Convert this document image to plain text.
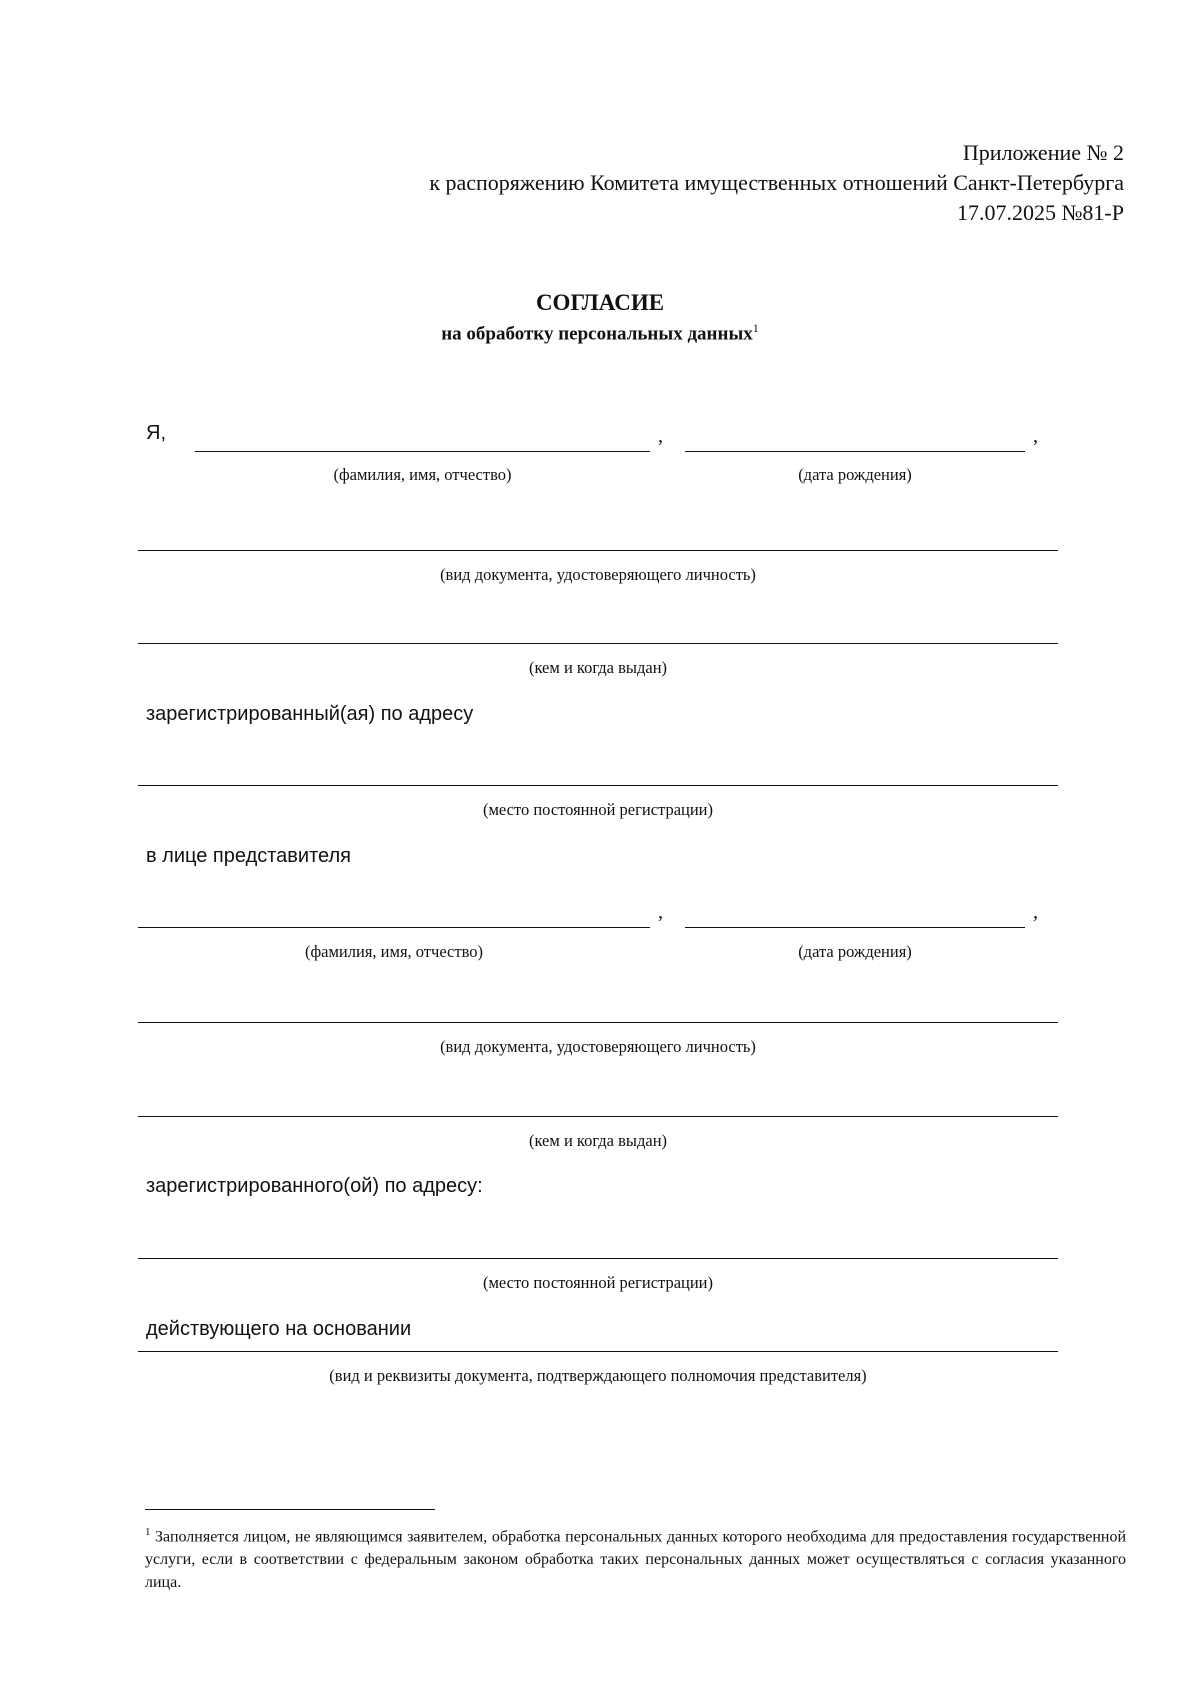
Приложение № 2
к распоряжению Комитета имущественных отношений Санкт-Петербурга
17.07.2025 №81-Р
СОГЛАСИЕ
на обработку персональных данных$^1$
Я,	,	,
(фамилия, имя, отчество)	(дата рождения)
(вид документа, удостоверяющего личность)
(кем и когда выдан)
зарегистрированный(ая) по адресу
(место постоянной регистрации)
в лице представителя
,	,
(фамилия, имя, отчество)	(дата рождения)
(вид документа, удостоверяющего личность)
(кем и когда выдан)
зарегистрированного(ой) по адресу:
(место постоянной регистрации)
действующего на основании
(вид и реквизиты документа, подтверждающего полномочия представителя)
$^1$ Заполняется лицом, не являющимся заявителем, обработка персональных данных которого необходима для предоставления государственной услуги, если в соответствии с федеральным законом обработка таких персональных данных может осуществляться с согласия указанного лица.
